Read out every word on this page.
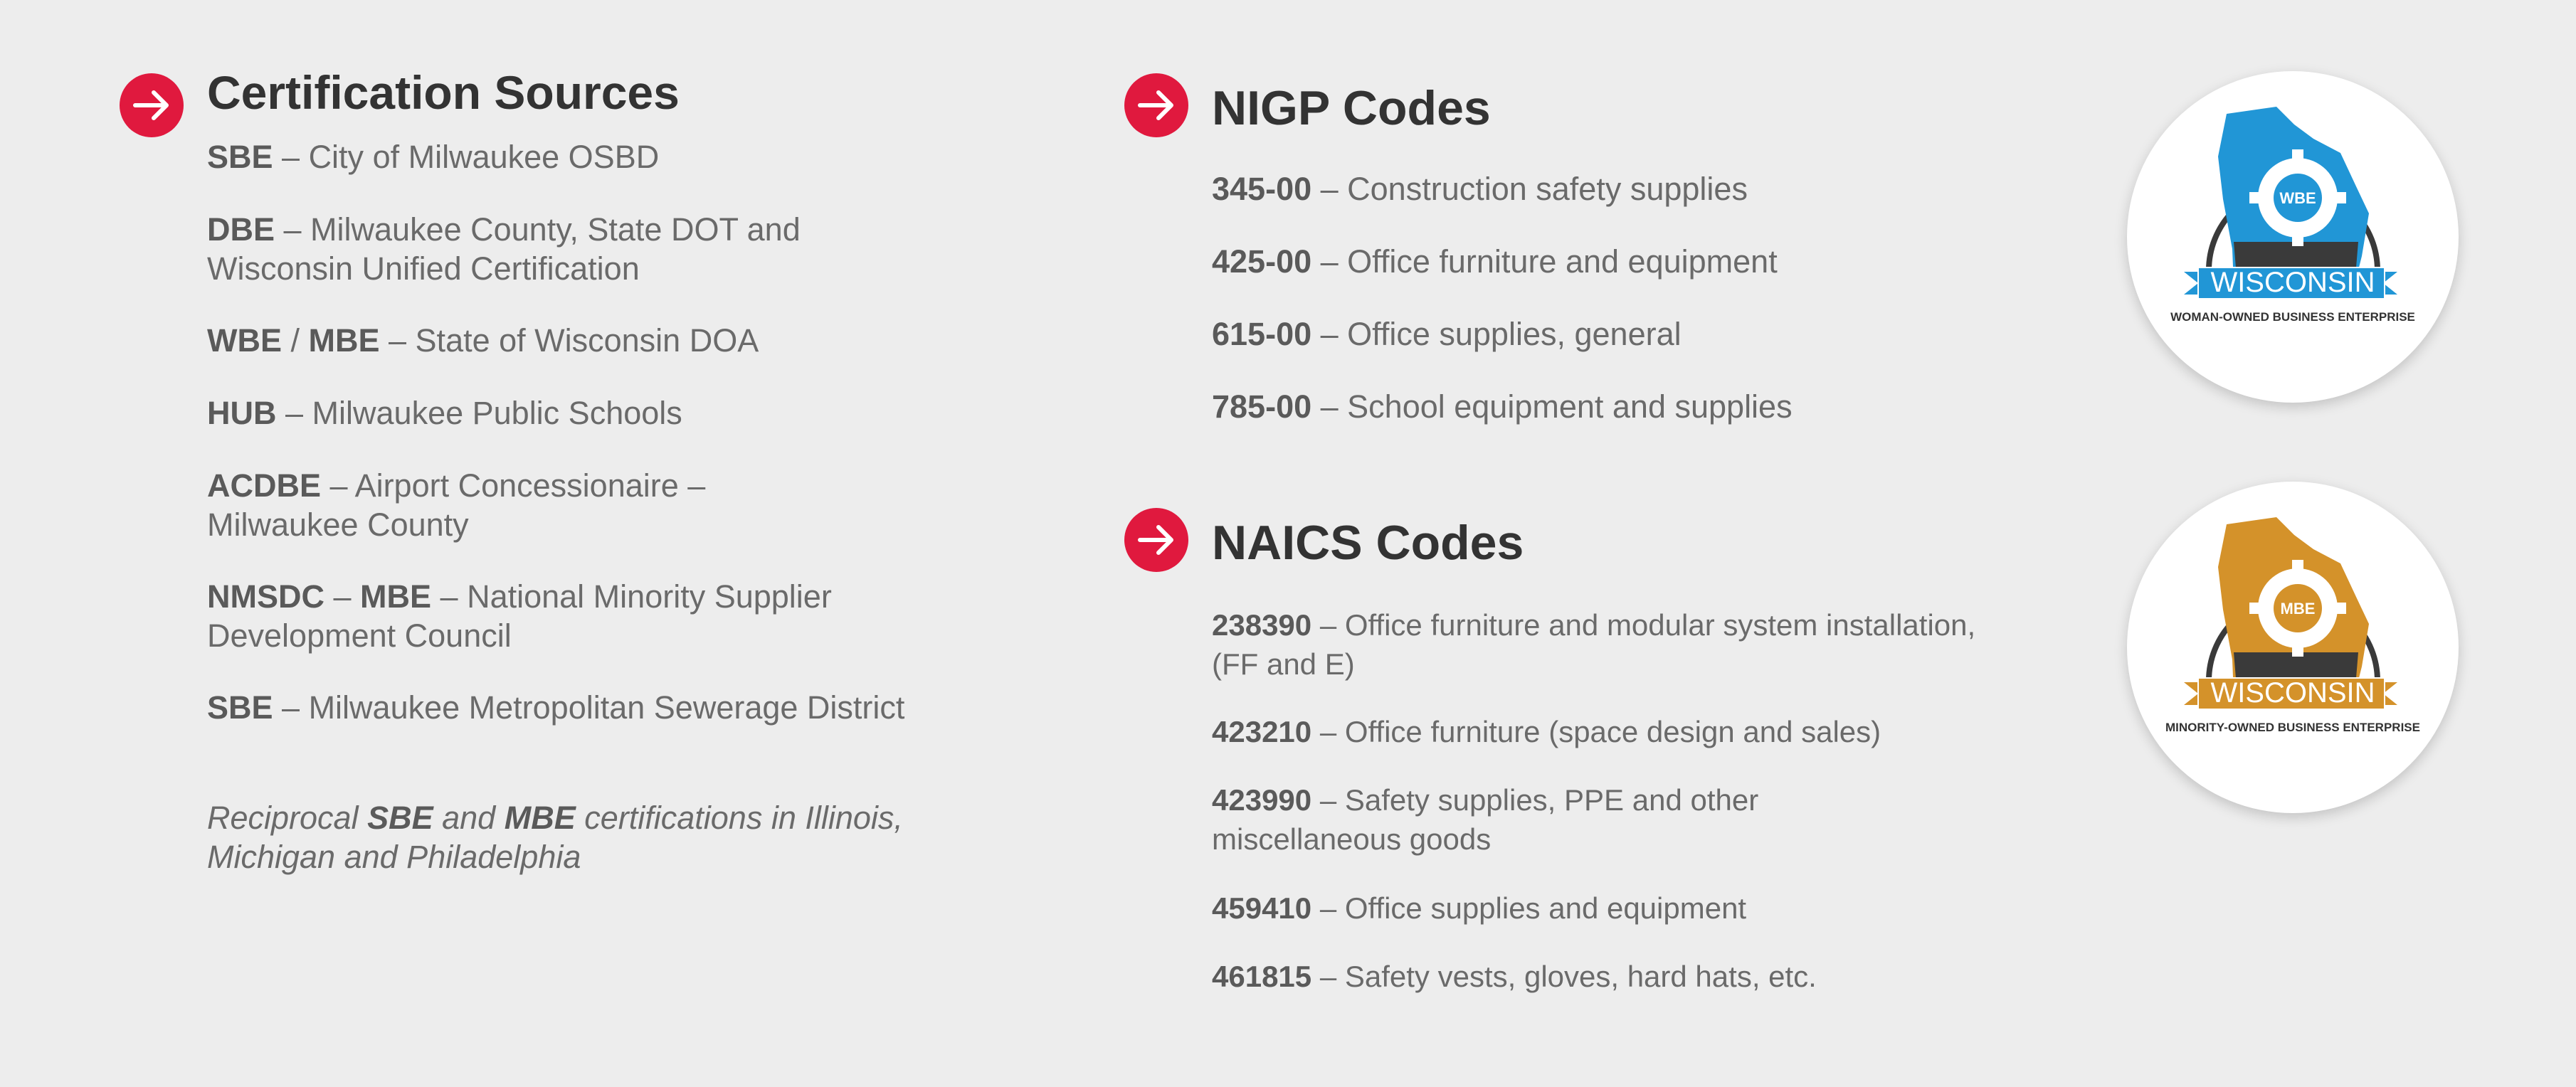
Certification Sources
SBE – City of Milwaukee OSBD
DBE – Milwaukee County, State DOT and Wisconsin Unified Certification
WBE / MBE – State of Wisconsin DOA
HUB – Milwaukee Public Schools
ACDBE – Airport Concessionaire – Milwaukee County
NMSDC – MBE – National Minority Supplier Development Council
SBE – Milwaukee Metropolitan Sewerage District
Reciprocal SBE and MBE certifications in Illinois, Michigan and Philadelphia
NIGP Codes
345-00 – Construction safety supplies
425-00 – Office furniture and equipment
615-00 – Office supplies, general
785-00 – School equipment and supplies
NAICS Codes
238390 – Office furniture and modular system installation, (FF and E)
423210 – Office furniture (space design and sales)
423990 – Safety supplies, PPE and other miscellaneous goods
459410 – Office supplies and equipment
461815 – Safety vests, gloves, hard hats, etc.
WBE
WISCONSIN
WOMAN-OWNED BUSINESS ENTERPRISE
MBE
WISCONSIN
MINORITY-OWNED BUSINESS ENTERPRISE
